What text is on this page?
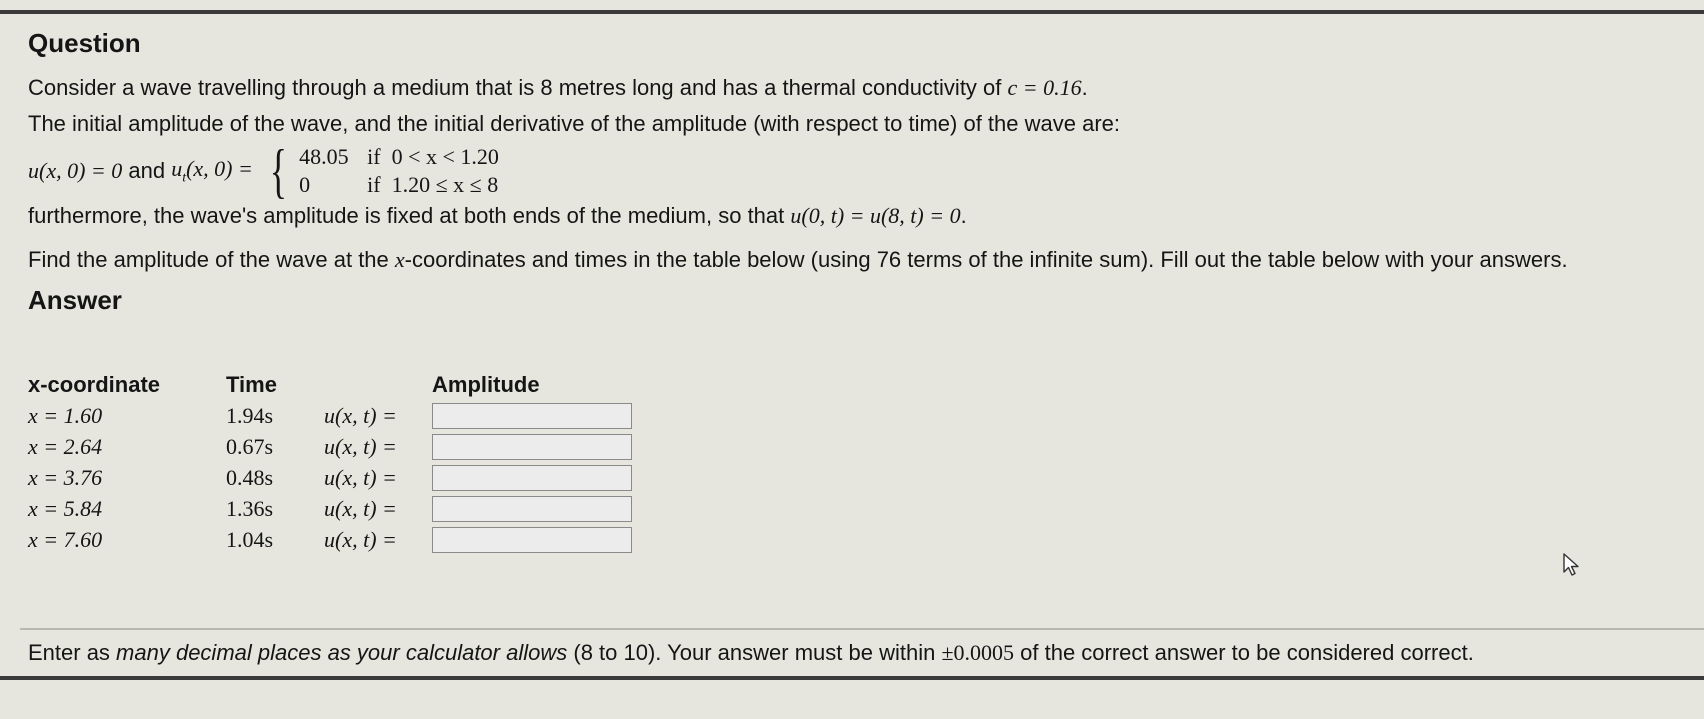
Question

Consider a wave travelling through a medium that is 8 metres long and has a thermal conductivity of c = 0.16.

The initial amplitude of the wave, and the initial derivative of the amplitude (with respect to time) of the wave are:

u(x, 0) = 0 and $u_t(x$, 0) = { 48.05 if  0 < x < 1.20
0	if  1.20 ≤ x ≤ 8

furthermore, the wave's amplitude is fixed at both ends of the medium, so that u(0, t) = u(8, t) = 0.

Find the amplitude of the wave at the x-coordinates and times in the table below (using 76 terms of the infinite sum). Fill out the table below with your answers.

Answer
x-coordinate	Time		Amplitude
x = 1.60	1.94s	u(x, t) =	
x = 2.64	0.67s	u(x, t) =	
x = 3.76	0.48s	u(x, t) =	
x = 5.84	1.36s	u(x, t) =	
x = 7.60	1.04s	u(x, t) =	

Enter as many decimal places as your calculator allows (8 to 10). Your answer must be within ±0.0005 of the correct answer to be considered correct.
